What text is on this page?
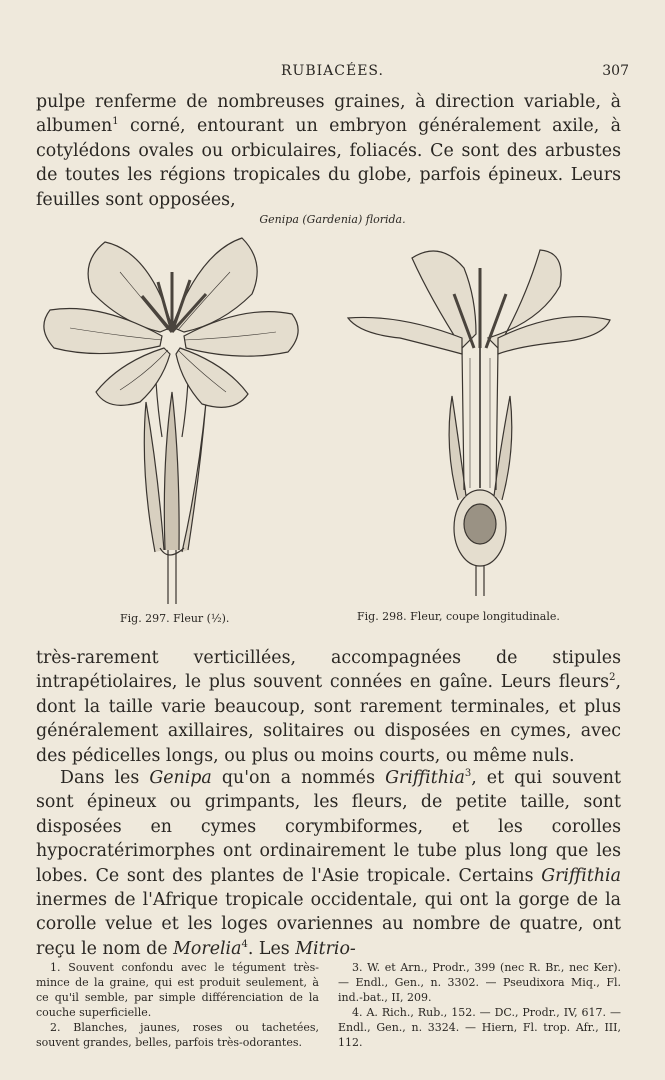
RUBIACÉES.	307

pulpe renferme de nombreuses graines, à direction variable, à albumen$^1$ corné, entourant un embryon généralement axile, à cotylédons ovales ou orbiculaires, foliacés. Ce sont des arbustes de toutes les régions tropicales du globe, parfois épineux. Leurs feuilles sont opposées,

Genipa (Gardenia) florida.
Fig. 297. Fleur (½).	Fig. 298. Fleur, coupe longitudinale.

très-rarement verticillées, accompagnées de stipules intrapétiolaires, le plus souvent connées en gaîne. Leurs fleurs$^2$, dont la taille varie beaucoup, sont rarement terminales, et plus généralement axillaires, solitaires ou disposées en cymes, avec des pédicelles longs, ou plus ou moins courts, ou même nuls.

Dans les Genipa qu'on a nommés Griffithia$^3$, et qui souvent sont épineux ou grimpants, les fleurs, de petite taille, sont disposées en cymes corymbiformes, et les corolles hypocratérimorphes ont ordinairement le tube plus long que les lobes. Ce sont des plantes de l'Asie tropicale. Certains Griffithia inermes de l'Afrique tropicale occidentale, qui ont la gorge de la corolle velue et les loges ovariennes au nombre de quatre, ont reçu le nom de Morelia$^4$. Les Mitrio-

1. Souvent confondu avec le tégument très-mince de la graine, qui est produit seulement, à ce qu'il semble, par simple différenciation de la couche superficielle.

2. Blanches, jaunes, roses ou tachetées, souvent grandes, belles, parfois très-odorantes.

3. W. et Arn., Prodr., 399 (nec R. Br., nec Ker). — Endl., Gen., n. 3302. — Pseudixora Miq., Fl. ind.-bat., II, 209.

4. A. Rich., Rub., 152. — DC., Prodr., IV, 617. — Endl., Gen., n. 3324. — Hiern, Fl. trop. Afr., III, 112.
